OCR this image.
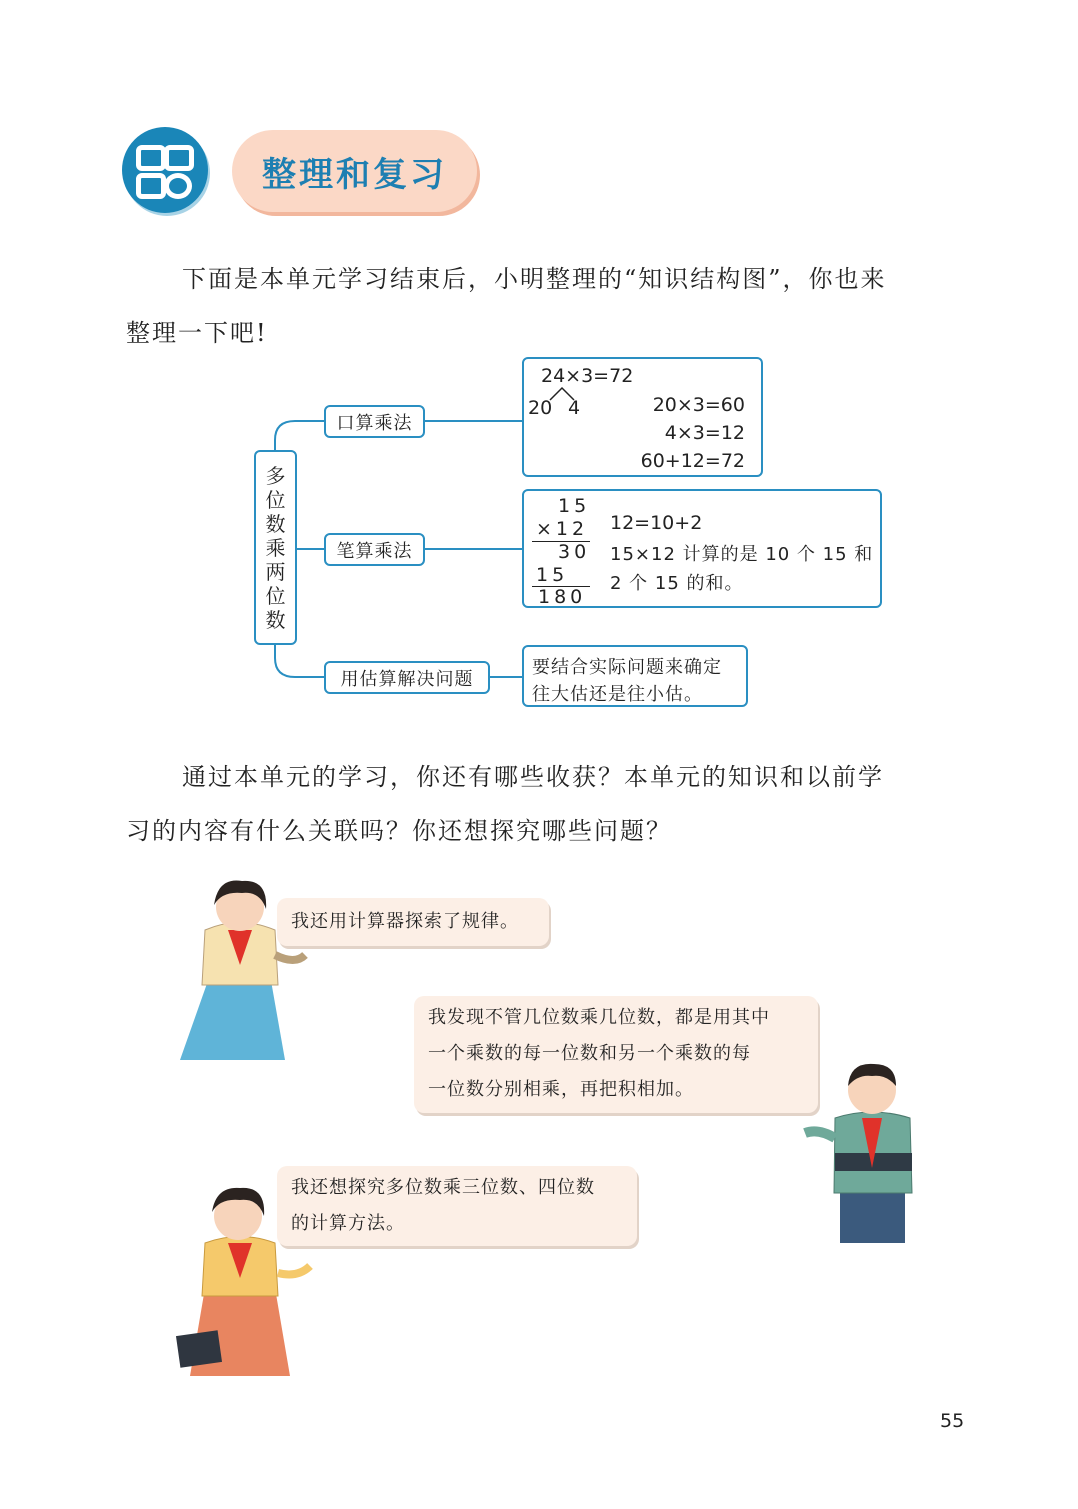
整理和复习
下面是本单元学习结束后，小明整理的“知识结构图”，你也来
整理一下吧!
多
位
数
乘
两
位
数
口算乘法
笔算乘法
用估算解决问题
24×3=72
20 4	20×3=60
4×3=12
60+12=72
15
×12
30
15
180
12=10+2
15×12 计算的是 10 个 15 和
2 个 15 的和。
要结合实际问题来确定
往大估还是往小估。
通过本单元的学习，你还有哪些收获？本单元的知识和以前学
习的内容有什么关联吗？你还想探究哪些问题？
我还用计算器探索了规律。
我发现不管几位数乘几位数，都是用其中
一个乘数的每一位数和另一个乘数的每
一位数分别相乘，再把积相加。
我还想探究多位数乘三位数、四位数
的计算方法。
55
